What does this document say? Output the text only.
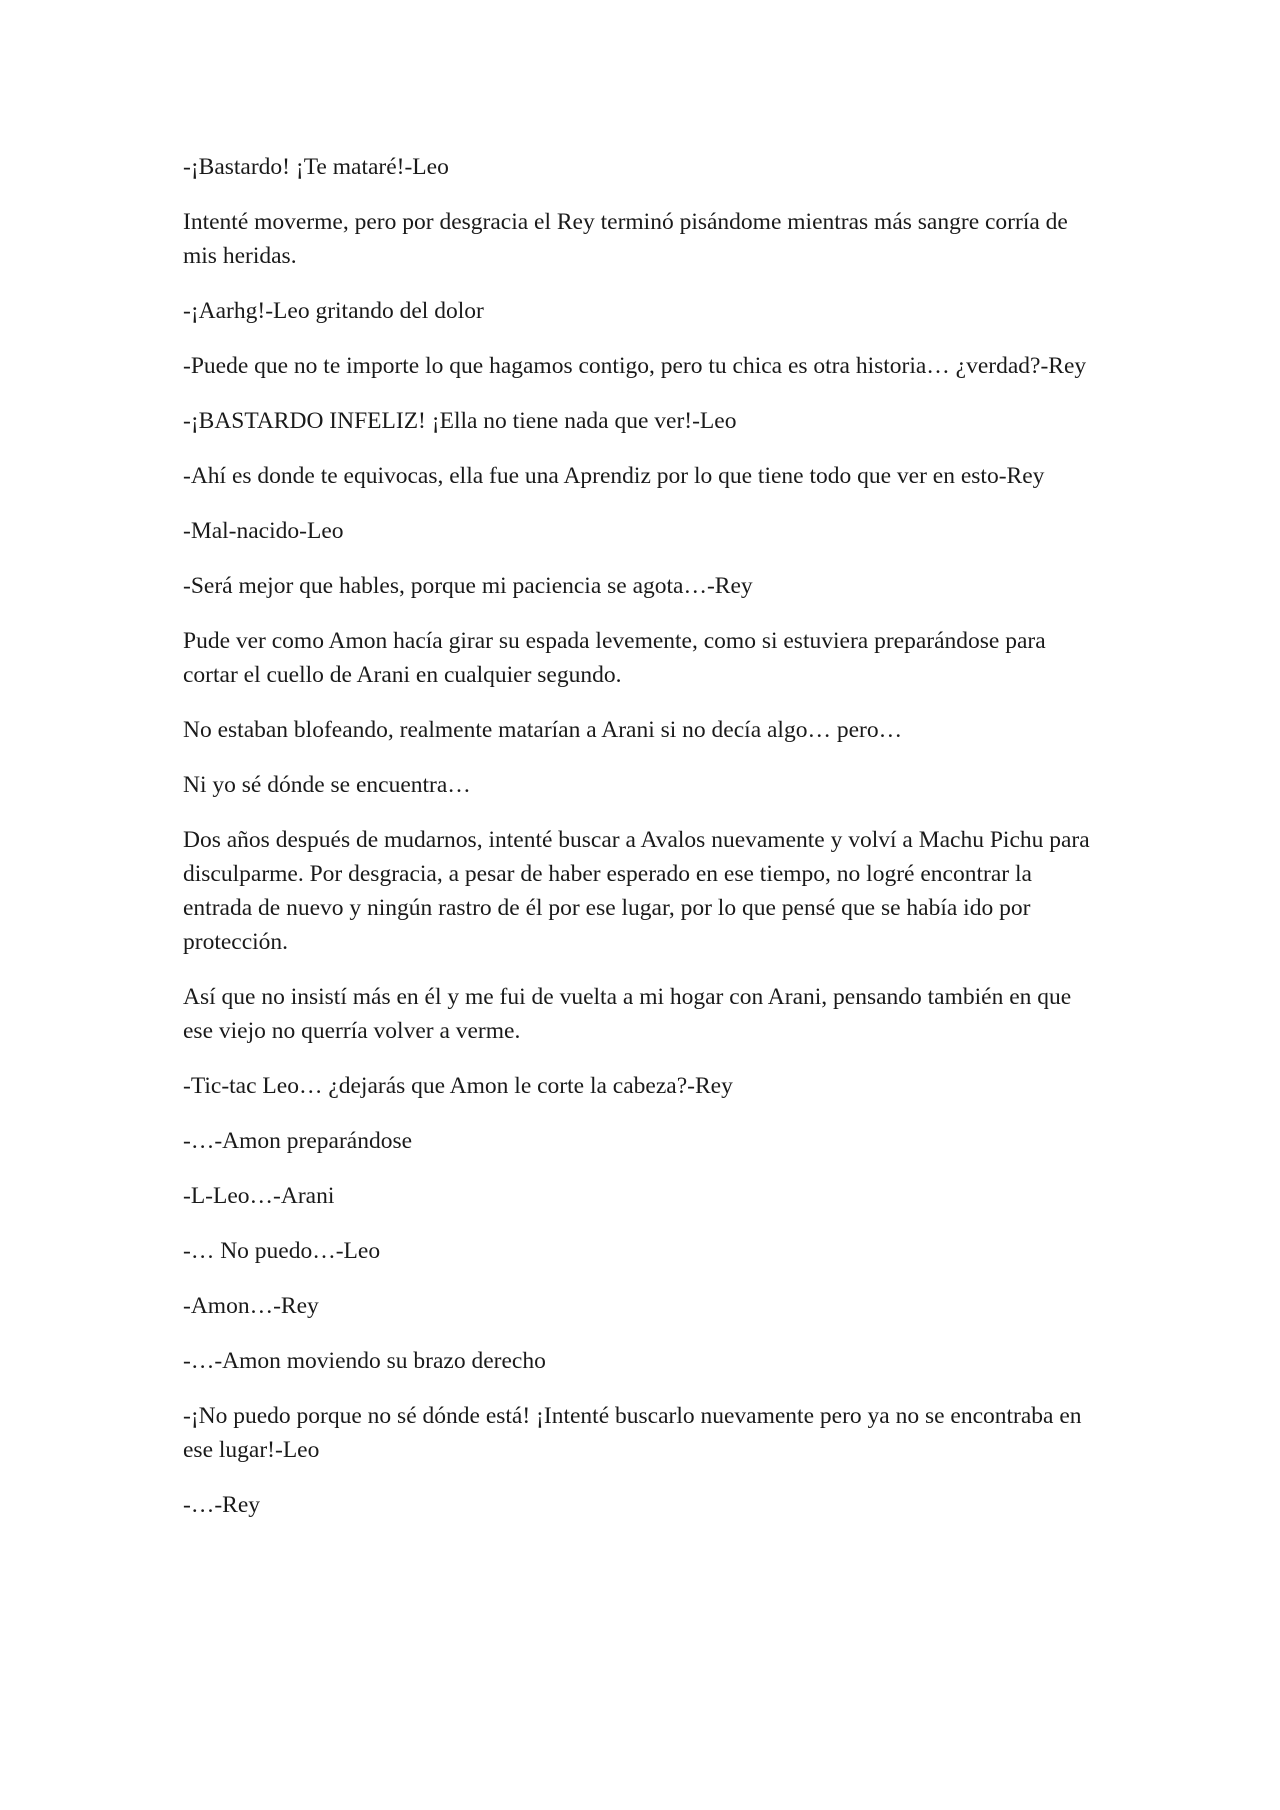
-¡Bastardo! ¡Te mataré!-Leo

Intenté moverme, pero por desgracia el Rey terminó pisándome mientras más sangre corría de mis heridas.

-¡Aarhg!-Leo gritando del dolor

-Puede que no te importe lo que hagamos contigo, pero tu chica es otra historia… ¿verdad?-Rey

-¡BASTARDO INFELIZ! ¡Ella no tiene nada que ver!-Leo

-Ahí es donde te equivocas, ella fue una Aprendiz por lo que tiene todo que ver en esto-Rey

-Mal-nacido-Leo

-Será mejor que hables, porque mi paciencia se agota…-Rey

Pude ver como Amon hacía girar su espada levemente, como si estuviera preparándose para cortar el cuello de Arani en cualquier segundo.

No estaban blofeando, realmente matarían a Arani si no decía algo… pero…

Ni yo sé dónde se encuentra…

Dos años después de mudarnos, intenté buscar a Avalos nuevamente y volví a Machu Pichu para disculparme. Por desgracia, a pesar de haber esperado en ese tiempo, no logré encontrar la entrada de nuevo y ningún rastro de él por ese lugar, por lo que pensé que se había ido por protección.

Así que no insistí más en él y me fui de vuelta a mi hogar con Arani, pensando también en que ese viejo no querría volver a verme.

-Tic-tac Leo… ¿dejarás que Amon le corte la cabeza?-Rey

-…-Amon preparándose

-L-Leo…-Arani

-… No puedo…-Leo

-Amon…-Rey

-…-Amon moviendo su brazo derecho

-¡No puedo porque no sé dónde está! ¡Intenté buscarlo nuevamente pero ya no se encontraba en ese lugar!-Leo

-…-Rey
